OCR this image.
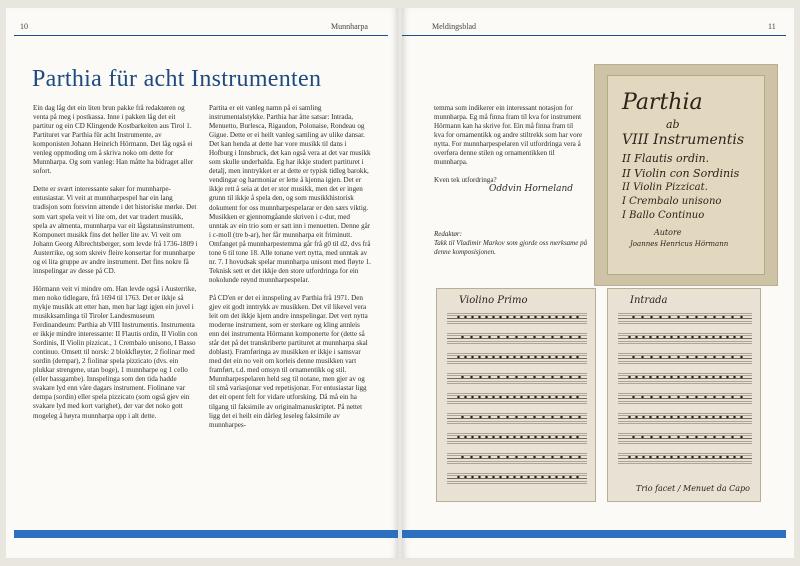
10	Munnharpa
Parthia für acht Instrumenten

Ein dag låg det ein liten brun pakke frå redaktøren og venta på meg i postkassa. Inne i pakken låg det eit partitur og ein CD Klingende Kostbarkeiten aus Tirol 1. Partituret var Parthia für acht Instrumente, av komponisten Johann Heinrich Hörmann. Det låg også ei venleg oppmoding om å skriva noko om dette for Munnharpa. Og som vanleg: Han måtte ha bidraget aller sofort.

Dette er svært interessante saker for munnharpe-entusiastar. Vi veit at munnharpespel har ein lang tradisjon som forsvinn attende i det historiske mørke. Det som vart spela veit vi lite om, det var tradert musikk, spela av almenta, munnharpa var eit lågstatusinstrument. Komponert musikk fins det heller lite av. Vi veit om Johann Georg Albrechtsberger, som levde frå 1736-1809 i Austerrike, og som skreiv fleire konsertar for munnharpe og ei lita gruppe av andre instrument. Det fins nokre få innspelingar av desse på CD.

Hörmann veit vi mindre om. Han levde også i Austerrike, men noko tidlegare, frå 1694 til 1763. Det er ikkje så mykje musikk att etter han, men har lagt igjen ein juvel i musikksamlinga til Tiroler Landesmuseum Ferdinandeum: Parthia ab VIII Instrumentis. Instrumenta er ikkje mindre interessante: II Flautis ordin, II Violin con Sordinis, II Violin pizzicat., 1 Crembalo unisono, I Basso continuo. Omsett til norsk: 2 blokkfløyter, 2 fiolinar med sordin (dempar), 2 fiolinar spela pizzicato (dvs. ein plukkar strengene, utan boge), 1 munnharpe og 1 cello (eller bassgambe). Innspelinga som den tida hadde svakare lyd enn våre dagars instrument. Fiolinane var dempa (sordin) eller spela pizzicato (som også gjev ein svakare lyd med kort varighet), der var det noko gott mogeleg å høyra munnharpa opp i alt dette.

Partita er eit vanleg namn på ei samling instrumentalstykke. Parthia har åtte satsar: Intrada, Menuetto, Burlesca, Rigaudon, Polonaise, Rondeau og Gigue. Dette er ei heilt vanleg samling av ulike dansar. Det kan henda at dette har vore musikk til dans i Hofburg i Innsbruck, det kan også vera at det var musikk som skulle underhalda. Eg har ikkje studert partituret i detalj, men inntrykket er at dette er typisk tidleg barokk, vendingar og harmoniar er lette å kjenna igjen. Det er ikkje rett å seia at det er stor musikk, men det er ingen grunn til ikkje å spela den, og som musikkhistorisk dokument for oss munnharpespelarar er den særs viktig. Musikken er gjennomgåande skriven i c-dur, med unntak av ein trio som er satt inn i menuetten. Denne går i c-moll (tre b-ar), her får munnharpa eit friminutt. Omfanget på munnharpestemma går frå g0 til d2, dvs frå tone 6 til tone 18. Alle tonane vert nytta, med unntak av nr. 7. I hovudsak spelar munnharpa unisont med fløyte 1. Teknisk sett er det ikkje den store utfordringa for ein nokolunde røynd munnharpespelar.

På CD'en er det ei innspeling av Parthia frå 1971. Den gjev eit godt inntrykk av musikken. Det vil likevel vera leit om det ikkje kjem andre innspelingar. Det vert nytta moderne instrument, som er sterkare og kling annleis enn dei instrumenta Hörmann komponerte for (dette så står det på det transkriberte partituret at munnharpa skal doblast). Framføringa av musikken er ikkje i samsvar med det ein no veit om korleis denne musikken vart framført, t.d. med omsyn til ornamentikk og stil. Munnharpespelaren held seg til notane, men gjer av og til små variasjonar ved repetisjonar. For entusiastar ligg det eit opent felt for vidare utforsking. Då må ein ha tilgang til faksimile av originalmanuskriptet. På nettet ligg det ei heilt ein dårleg leseleg faksimile av munnharpes-

Meldingsblad	11

temma som indikerer ein interessant notasjon for munnharpa. Eg må finna fram til kva for instrument Hörmann kan ha skrive for. Ein må finna fram til kva for ornamentikk og andre stiltrekk som har vore nytta. For munnharpespelaren vil utfordringa vera å overføra denne stilen og ornamentikken til munnharpa.

Kven tek utfordringa?

Oddvin Horneland
Redaktør:
Takk til Vladimir Markov som gjorde oss merksame på denne komposisjonen.
Parthia
ab
VIII Instrumentis
II Flautis ordin.
II Violin con Sordinis
II Violin Pizzicat.
I Crembalo unisono
I Ballo Continuo
Autore
Joannes Henricus Hörmann
Violino Primo	Intrada
Trio facet / Menuet da Capo
